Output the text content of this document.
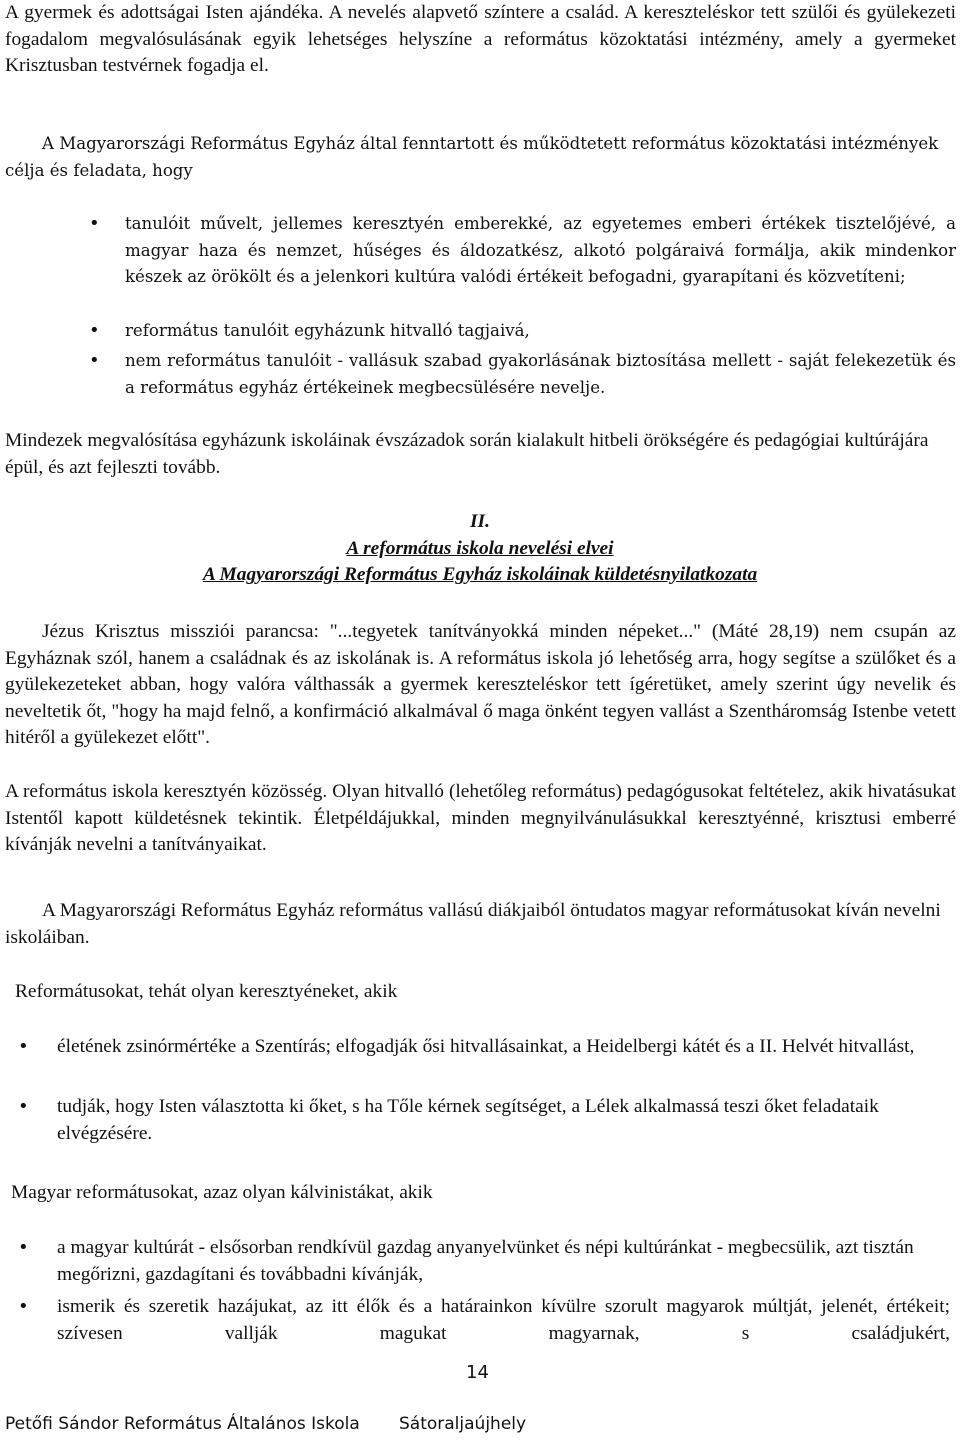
A gyermek és adottságai Isten ajándéka. A nevelés alapvető színtere a család. A kereszteléskor tett szülői és gyülekezeti fogadalom megvalósulásának egyik lehetséges helyszíne a református közoktatási intézmény, amely a gyermeket Krisztusban testvérnek fogadja el.

A Magyarországi Református Egyház által fenntartott és működtetett református közoktatási intézmények célja és feladata, hogy

• tanulóit művelt, jellemes keresztyén emberekké, az egyetemes emberi értékek tisztelőjévé, a magyar haza és nemzet, hűséges és áldozatkész, alkotó polgáraivá formálja, akik mindenkor készek az örökölt és a jelenkori kultúra valódi értékeit befogadni, gyarapítani és közvetíteni;

• református tanulóit egyházunk hitvalló tagjaivá,

• nem református tanulóit - vallásuk szabad gyakorlásának biztosítása mellett - saját felekezetük és a református egyház értékeinek megbecsülésére nevelje.

Mindezek megvalósítása egyházunk iskoláinak évszázadok során kialakult hitbeli örökségére és pedagógiai kultúrájára épül, és azt fejleszti tovább.

II.
A református iskola nevelési elvei
A Magyarországi Református Egyház iskoláinak küldetésnyilatkozata

Jézus Krisztus missziói parancsa: "...tegyetek tanítványokká minden népeket..." (Máté 28,19) nem csupán az Egyháznak szól, hanem a családnak és az iskolának is. A református iskola jó lehetőség arra, hogy segítse a szülőket és a gyülekezeteket abban, hogy valóra válthassák a gyermek kereszteléskor tett ígéretüket, amely szerint úgy nevelik és neveltetik őt, "hogy ha majd felnő, a konfirmáció alkalmával ő maga önként tegyen vallást a Szentháromság Istenbe vetett hitéről a gyülekezet előtt".

A református iskola keresztyén közösség. Olyan hitvalló (lehetőleg református) pedagógusokat feltételez, akik hivatásukat Istentől kapott küldetésnek tekintik. Életpéldájukkal, minden megnyilvánulásukkal keresztyénné, krisztusi emberré kívánják nevelni a tanítványaikat.

A Magyarországi Református Egyház református vallású diákjaiból öntudatos magyar reformátusokat kíván nevelni iskoláiban.

Reformátusokat, tehát olyan keresztyéneket, akik

• életének zsinórmértéke a Szentírás; elfogadják ősi hitvallásainkat, a Heidelbergi kátét és a II. Helvét hitvallást,

• tudják, hogy Isten választotta ki őket, s ha Tőle kérnek segítséget, a Lélek alkalmassá teszi őket feladataik elvégzésére.

Magyar reformátusokat, azaz olyan kálvinistákat, akik

• a magyar kultúrát - elsősorban rendkívül gazdag anyanyelvünket és népi kultúránkat - megbecsülik, azt tisztán megőrizni, gazdagítani és továbbadni kívánják,

• ismerik és szeretik hazájukat, az itt élők és a határainkon kívülre szorult magyarok múltját, jelenét, értékeit; szívesen vallják magukat magyarnak, s családjukért,

14
Petőfi Sándor Református Általános Iskola Sátoraljaújhely
